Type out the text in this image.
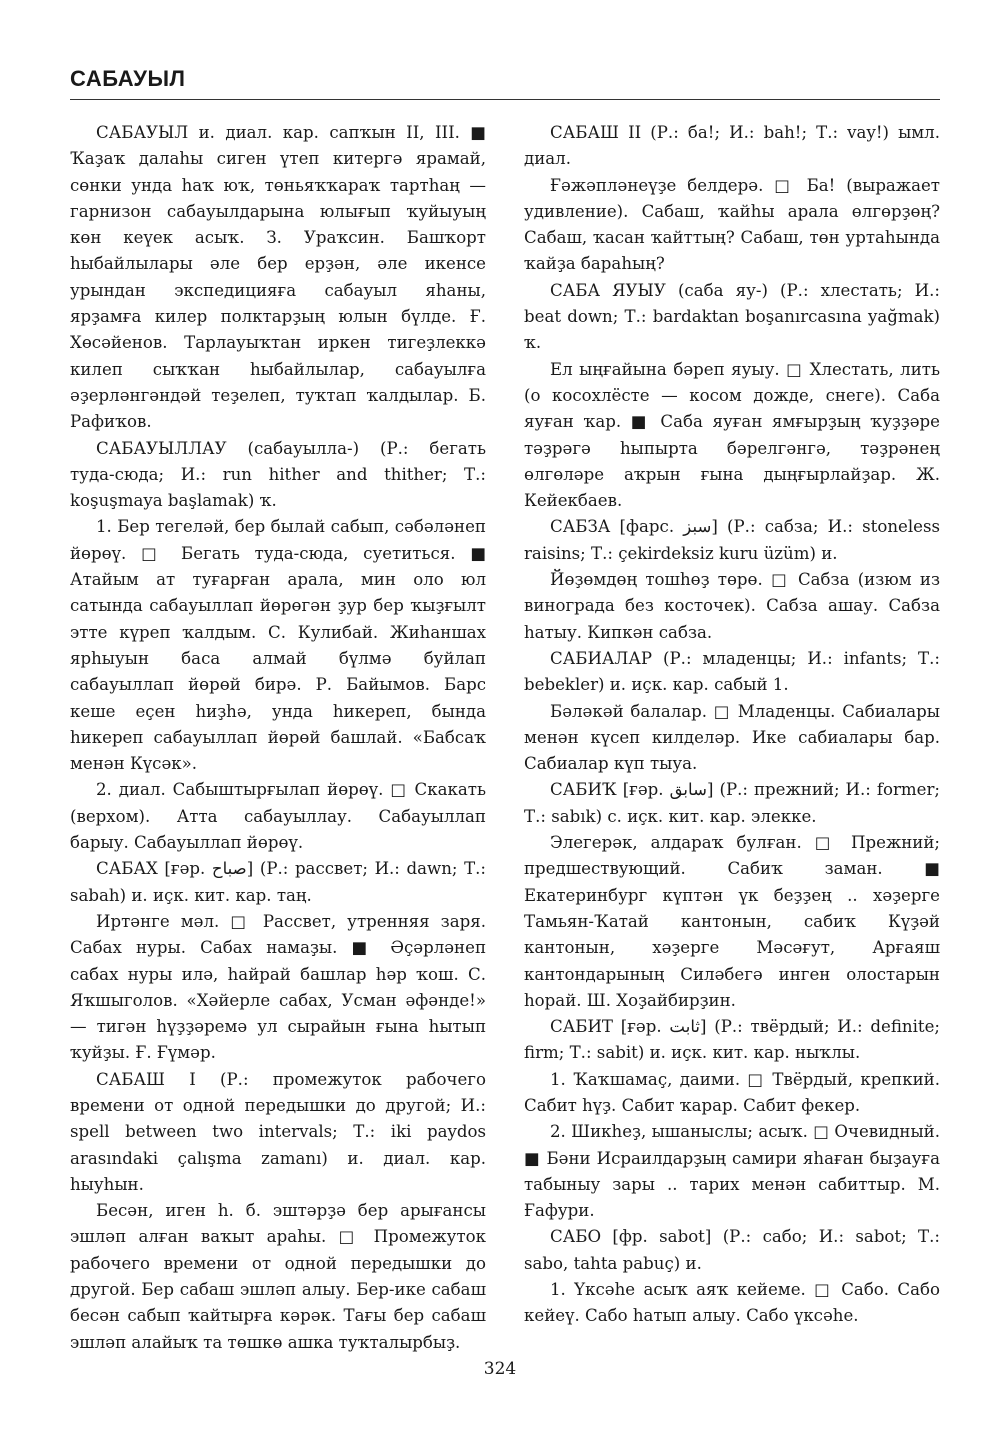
САБАУЫЛ

САБАУЫЛ и. диал. кар. сапҡын II, III. ■ Ҡаҙаҡ далаһы сиген үтеп китергә ярамай, сөнки унда һаҡ юҡ, төньяҡҡараҡ тартһаң — гарнизон сабауылдарына юлығып ҡуйыуың көн кеүек асыҡ. З. Ураҡсин. Башҡорт һыбайлылары әле бер ерҙән, әле икенсе урындан экспедицияға сабауыл яһаны, ярҙамға килер полктарҙың юлын бүлде. Ғ. Хөсәйенов. Тарлауыҡтан иркен тигеҙлеккә килеп сыҡҡан һыбайлылар, сабауылға әҙерләнгәндәй теҙелеп, туҡтап ҡалдылар. Б. Рафиҡов.

САБАУЫЛЛАУ (сабауылла-) (Р.: бегать туда-сюда; И.: run hither and thither; Т.: koşuşmaya başlamak) ҡ.

1. Бер тегеләй, бер былай сабып, сәбәләнеп йөрөү. □ Бегать туда-сюда, суетиться. ■ Атайым ат туғарған арала, мин оло юл сатында сабауыллап йөрөгән ҙур бер ҡыҙғылт этте күреп ҡалдым. С. Кулибай. Жиһаншах ярһыуын баса алмай бүлмә буйлап сабауыллап йөрөй бирә. Р. Байымов. Барс кеше еҫен һиҙһә, унда һикереп, бында һикереп сабауыллап йөрөй башлай. «Бабсаҡ менән Күсәк».

2. диал. Сабыштырғылап йөрөү. □ Скакать (верхом). Атта сабауыллау. Сабауыллап барыу. Сабауыллап йөрөү.

САБАХ [ғәр. صباح] (Р.: рассвет; И.: dawn; Т.: sabah) и. иҫк. кит. кар. таң.

Иртәнге мәл. □ Рассвет, утренняя заря. Сабах нуры. Сабах намаҙы. ■ Әҫәрләнеп сабах нуры илә, һайрай башлар һәр ҡош. С. Яҡшыголов. «Хәйерле сабах, Усман әфәнде!» — тигән һүҙҙәремә ул сырайын ғына һытып ҡуйҙы. Ғ. Ғүмәр.

САБАШ I (Р.: промежуток рабочего времени от одной передышки до другой; И.: spell between two intervals; Т.: iki paydos arasındaki çalışma zamanı) и. диал. кар. һыуһын.

Бесән, иген һ. б. эштәрҙә бер арығансы эшләп алған ваҡыт араһы. □ Промежуток рабочего времени от одной передышки до другой. Бер сабаш эшләп алыу. Бер-ике сабаш бесән сабып ҡайтырға кәрәк. Тағы бер сабаш эшләп алайыҡ та төшкө ашка туҡталырбыҙ.

САБАШ II (Р.: ба!; И.: bah!; Т.: vay!) ымл. диал.

Ғәжәпләнеүҙе белдерә. □ Ба! (выражает удивление). Сабаш, ҡайһы арала өлгөрҙөң? Сабаш, ҡасан ҡайттың? Сабаш, төн уртаһында ҡайҙа бараһың?

САБА ЯУЫУ (саба яу-) (Р.: хлестать; И.: beat down; Т.: bardaktan boşanırcasına yağmak) ҡ.

Ел ыңғайына бәреп яуыу. □ Хлестать, лить (о косохлёсте — косом дожде, снеге). Саба яуған ҡар. ■ Саба яуған ямғырҙың ҡуҙҙәре тәҙрәгә һыпырта бәрелгәнгә, тәҙрәнең өлгөләре аҡрын ғына дыңғырлайҙар. Ж. Кейекбаев.

САБЗА [фарс. سبز] (Р.: сабза; И.: stoneless raisins; Т.: çekirdeksiz kuru üzüm) и.

Йөҙөмдөң тошһөҙ төрө. □ Сабза (изюм из винограда без косточек). Сабза ашау. Сабза һатыу. Кипкән сабза.

САБИАЛАР (Р.: младенцы; И.: infants; Т.: bebekler) и. иҫк. кар. сабый 1.

Бәләкәй балалар. □ Младенцы. Сабиалары менән күсеп килделәр. Ике сабиалары бар. Сабиалар күп тыуа.

САБИҠ [ғәр. سابق] (Р.: прежний; И.: former; Т.: sabık) с. иҫк. кит. кар. элекке.

Элегерәк, алдараҡ булған. □ Прежний; предшествующий. Сабиҡ заман. ■ Екатеринбург күптән үк беҙҙең .. хәҙерге Тамьян-Ҡатай кантонын, сабиҡ Күҙәй кантонын, хәҙерге Мәсәғут, Арғаяш кантондарының Силәбегә инген олостарын һорай. Ш. Хоҙайбирҙин.

САБИТ [ғәр. ثابت] (Р.: твёрдый; И.: definite; firm; Т.: sabit) и. иҫк. кит. кар. ныҡлы.

1. Ҡаҡшамаҫ, даими. □ Твёрдый, крепкий. Сабит һүҙ. Сабит ҡарар. Сабит фекер.

2. Шикһеҙ, ышаныслы; асыҡ. □ Очевидный. ■ Бәни Исраилдарҙың самири яһаған быҙауға табыныу зары .. тарих менән сабиттыр. М. Ғафури.

САБО [фр. sabot] (Р.: сабо; И.: sabot; Т.: sabo, tahta pabuç) и.

1. Үксәһе асыҡ аяҡ кейеме. □ Сабо. Сабо кейеү. Сабо һатып алыу. Сабо үксәһе.

324
